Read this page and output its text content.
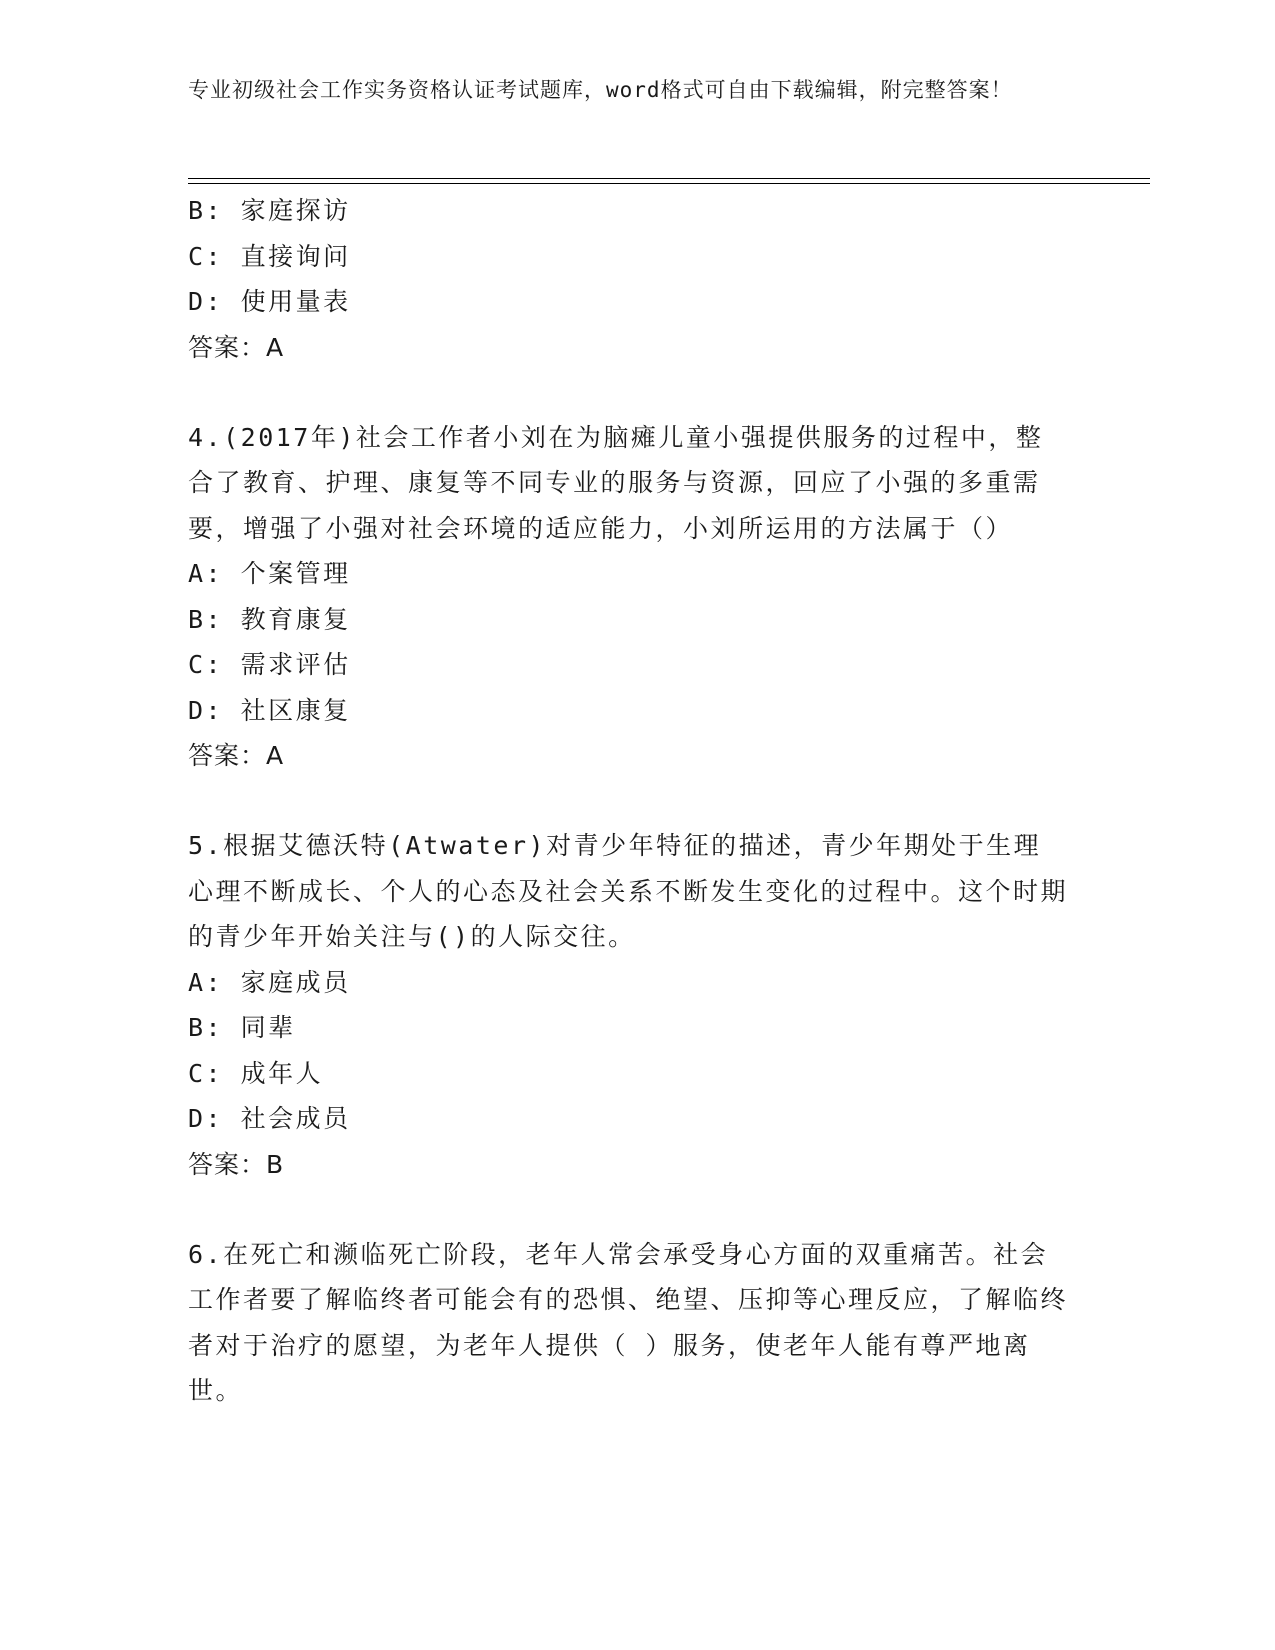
专业初级社会工作实务资格认证考试题库，word格式可自由下载编辑，附完整答案！
B: 家庭探访
C: 直接询问
D: 使用量表
答案：A
4.(2017年)社会工作者小刘在为脑瘫儿童小强提供服务的过程中，整合了教育、护理、康复等不同专业的服务与资源，回应了小强的多重需要，增强了小强对社会环境的适应能力，小刘所运用的方法属于（）
A: 个案管理
B: 教育康复
C: 需求评估
D: 社区康复
答案：A
5.根据艾德沃特(Atwater)对青少年特征的描述，青少年期处于生理心理不断成长、个人的心态及社会关系不断发生变化的过程中。这个时期的青少年开始关注与()的人际交往。
A: 家庭成员
B: 同辈
C: 成年人
D: 社会成员
答案：B
6.在死亡和濒临死亡阶段，老年人常会承受身心方面的双重痛苦。社会工作者要了解临终者可能会有的恐惧、绝望、压抑等心理反应，了解临终者对于治疗的愿望，为老年人提供（ ）服务，使老年人能有尊严地离世。
